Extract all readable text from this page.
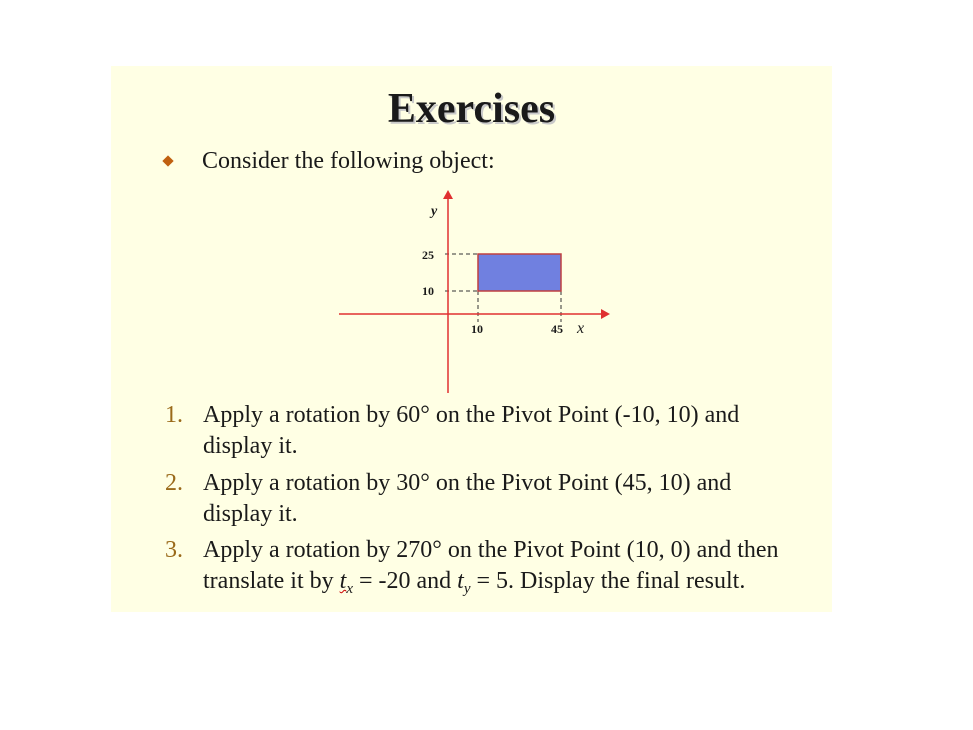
Exercises
Consider the following object:
y
x
25
10
10	45
1. Apply a rotation by 60° on the Pivot Point (-10, 10) and
display it.
2. Apply a rotation by 30° on the Pivot Point (45, 10) and
display it.
3. Apply a rotation by 270° on the Pivot Point (10, 0) and then
translate it by $t_x = -20$ and $t_y = 5$. Display the final result.
